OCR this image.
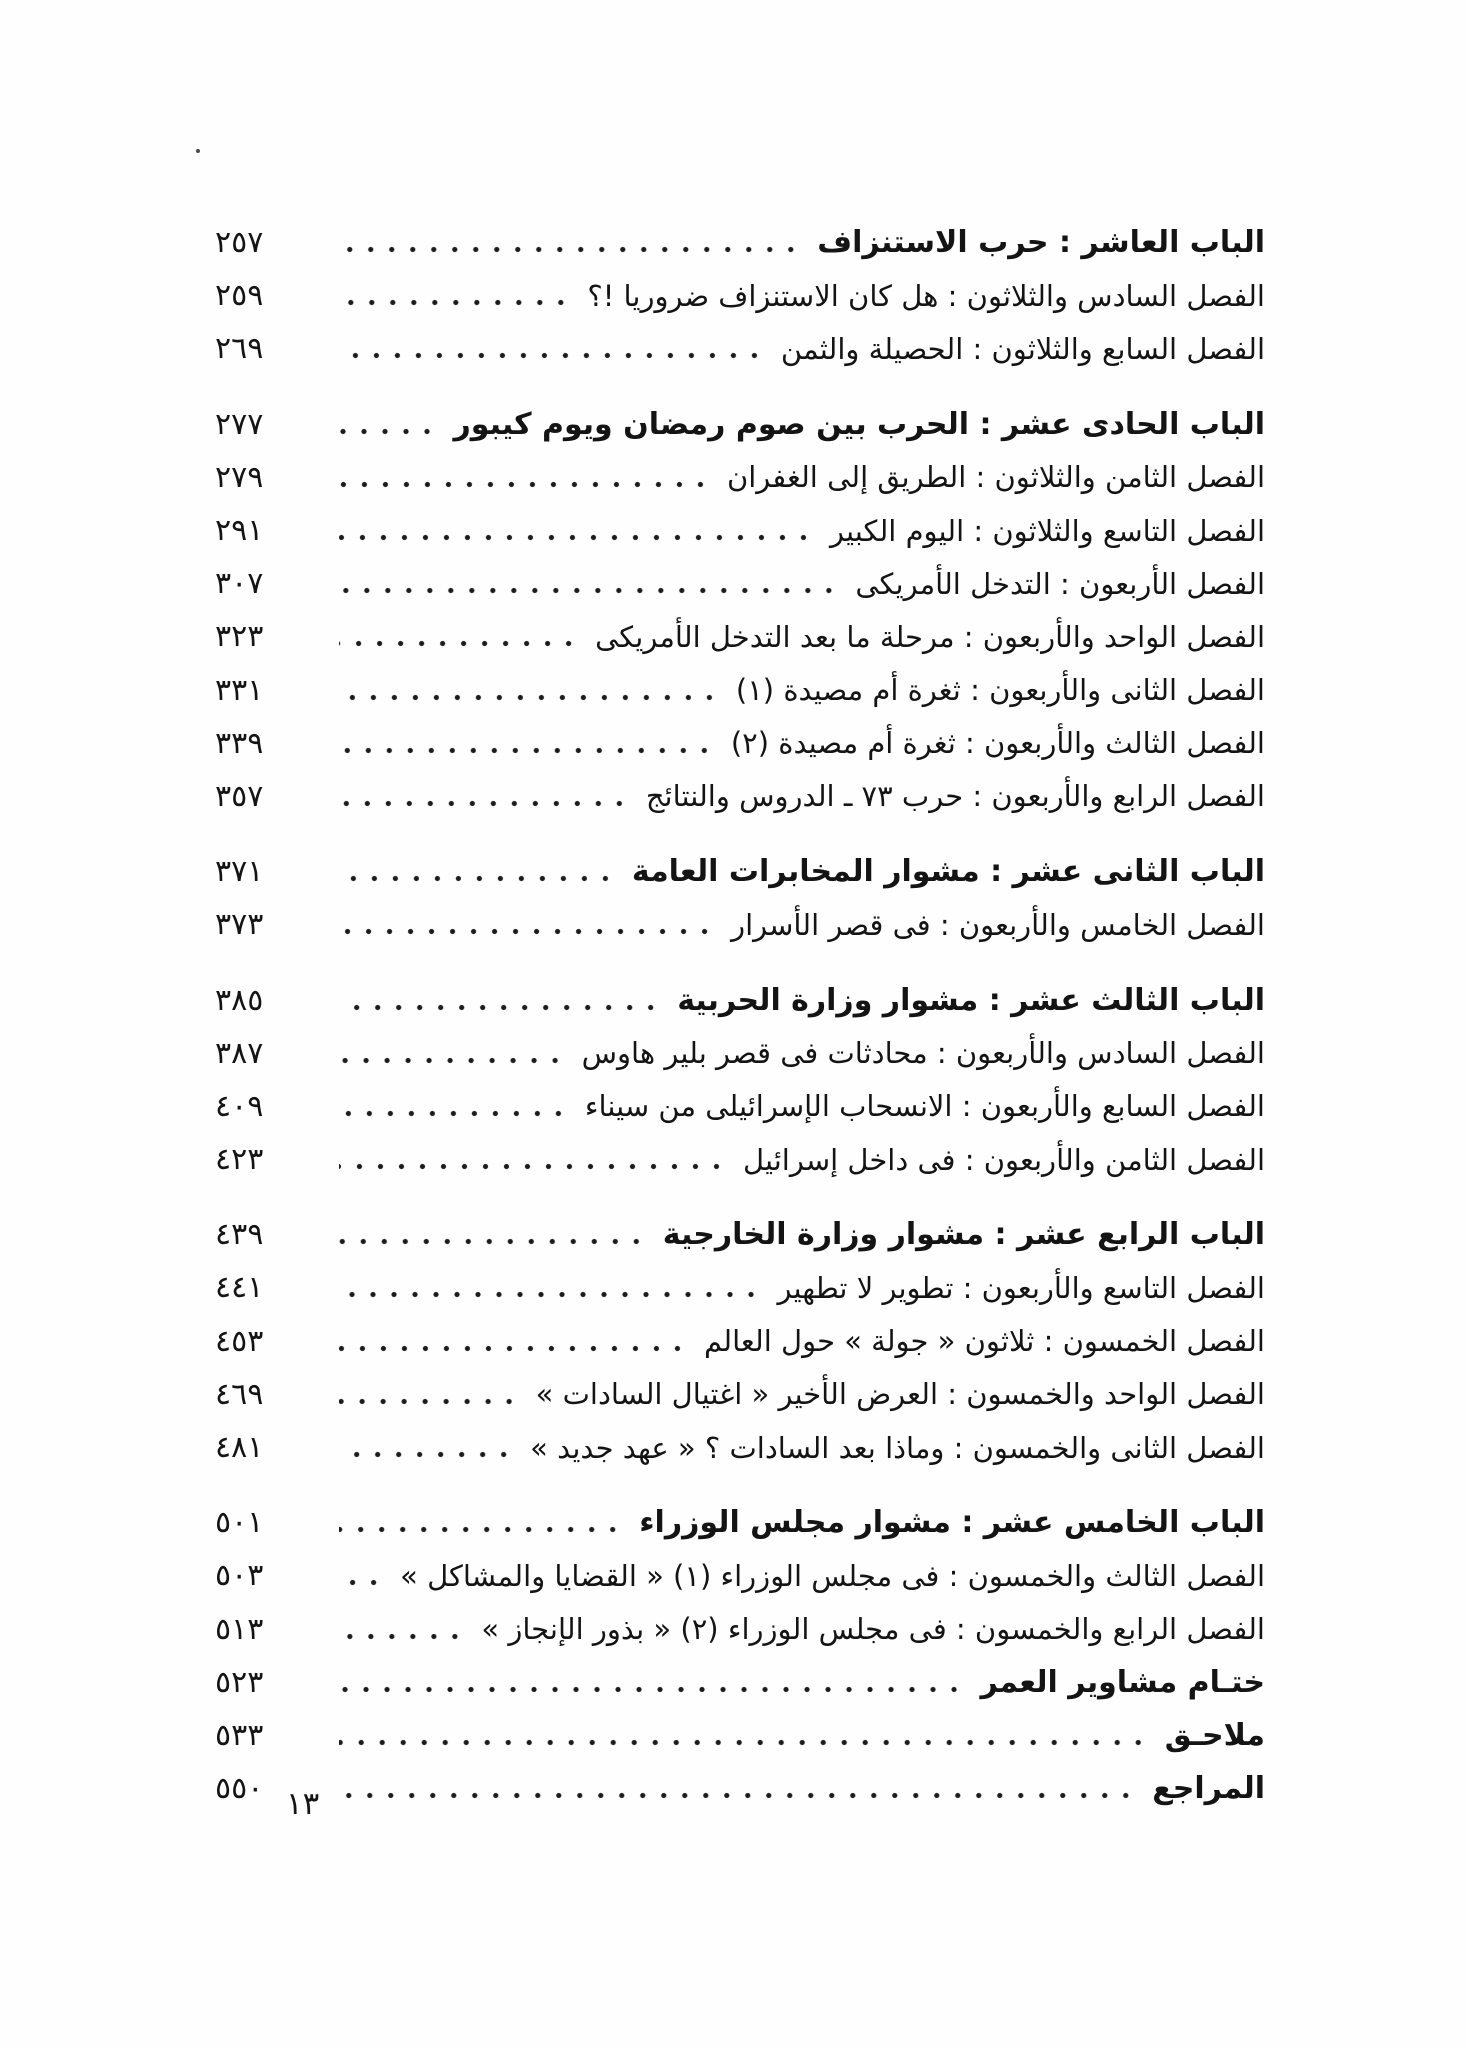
الباب العاشر : حرب الاستنزاف
٢٥٧
الفصل السادس والثلاثون : هل كان الاستنزاف ضروريا !؟
٢٥٩
الفصل السابع والثلاثون : الحصيلة والثمن
٢٦٩
الباب الحادى عشر : الحرب بين صوم رمضان ويوم كيبور
٢٧٧
الفصل الثامن والثلاثون : الطريق إلى الغفران
٢٧٩
الفصل التاسع والثلاثون : اليوم الكبير
٢٩١
الفصل الأربعون : التدخل الأمريكى
٣٠٧
الفصل الواحد والأربعون : مرحلة ما بعد التدخل الأمريكى
٣٢٣
الفصل الثانى والأربعون : ثغرة أم مصيدة (١)
٣٣١
الفصل الثالث والأربعون : ثغرة أم مصيدة (٢)
٣٣٩
الفصل الرابع والأربعون : حرب ٧٣ ـ الدروس والنتائج
٣٥٧
الباب الثانى عشر : مشوار المخابرات العامة
٣٧١
الفصل الخامس والأربعون : فى قصر الأسرار
٣٧٣
الباب الثالث عشر : مشوار وزارة الحربية
٣٨٥
الفصل السادس والأربعون : محادثات فى قصر بلير هاوس
٣٨٧
الفصل السابع والأربعون : الانسحاب الإسرائيلى من سيناء
٤٠٩
الفصل الثامن والأربعون : فى داخل إسرائيل
٤٢٣
الباب الرابع عشر : مشوار وزارة الخارجية
٤٣٩
الفصل التاسع والأربعون : تطوير لا تطهير
٤٤١
الفصل الخمسون : ثلاثون « جولة » حول العالم
٤٥٣
الفصل الواحد والخمسون : العرض الأخير « اغتيال السادات »
٤٦٩
الفصل الثانى والخمسون : وماذا بعد السادات ؟ « عهد جديد »
٤٨١
الباب الخامس عشر : مشوار مجلس الوزراء
٥٠١
الفصل الثالث والخمسون : فى مجلس الوزراء (١) « القضايا والمشاكل »
٥٠٣
الفصل الرابع والخمسون : فى مجلس الوزراء (٢) « بذور الإنجاز »
٥١٣
ختـام مشاوير العمر
٥٢٣
ملاحـق
٥٣٣
المراجع
٥٥٠ ١٣
